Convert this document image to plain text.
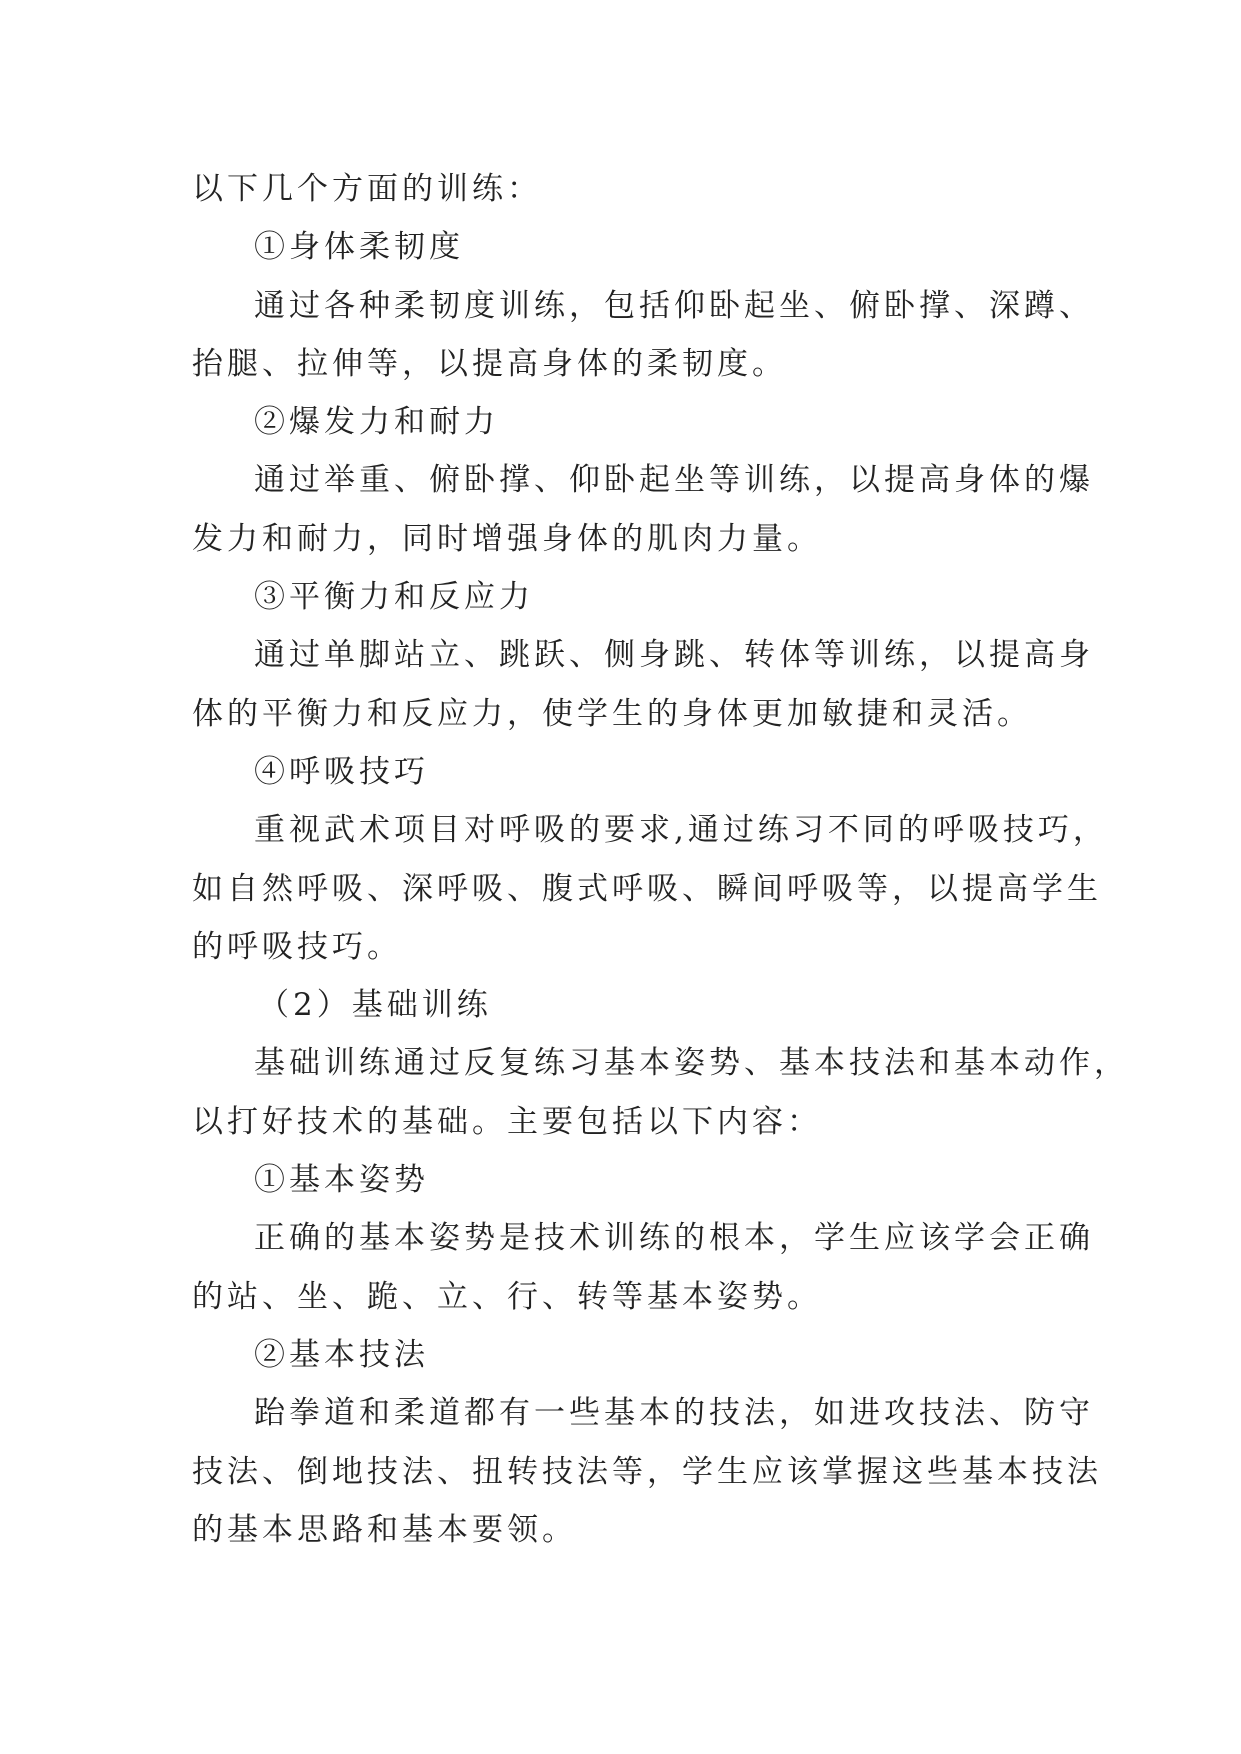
以下几个方面的训练：
①身体柔韧度
通过各种柔韧度训练，包括仰卧起坐、俯卧撑、深蹲、
抬腿、拉伸等，以提高身体的柔韧度。
②爆发力和耐力
通过举重、俯卧撑、仰卧起坐等训练，以提高身体的爆
发力和耐力，同时增强身体的肌肉力量。
③平衡力和反应力
通过单脚站立、跳跃、侧身跳、转体等训练，以提高身
体的平衡力和反应力，使学生的身体更加敏捷和灵活。
④呼吸技巧
重视武术项目对呼吸的要求,通过练习不同的呼吸技巧，
如自然呼吸、深呼吸、腹式呼吸、瞬间呼吸等，以提高学生
的呼吸技巧。
（2）基础训练
基础训练通过反复练习基本姿势、基本技法和基本动作，
以打好技术的基础。主要包括以下内容：
①基本姿势
正确的基本姿势是技术训练的根本，学生应该学会正确
的站、坐、跪、立、行、转等基本姿势。
②基本技法
跆拳道和柔道都有一些基本的技法，如进攻技法、防守
技法、倒地技法、扭转技法等，学生应该掌握这些基本技法
的基本思路和基本要领。
